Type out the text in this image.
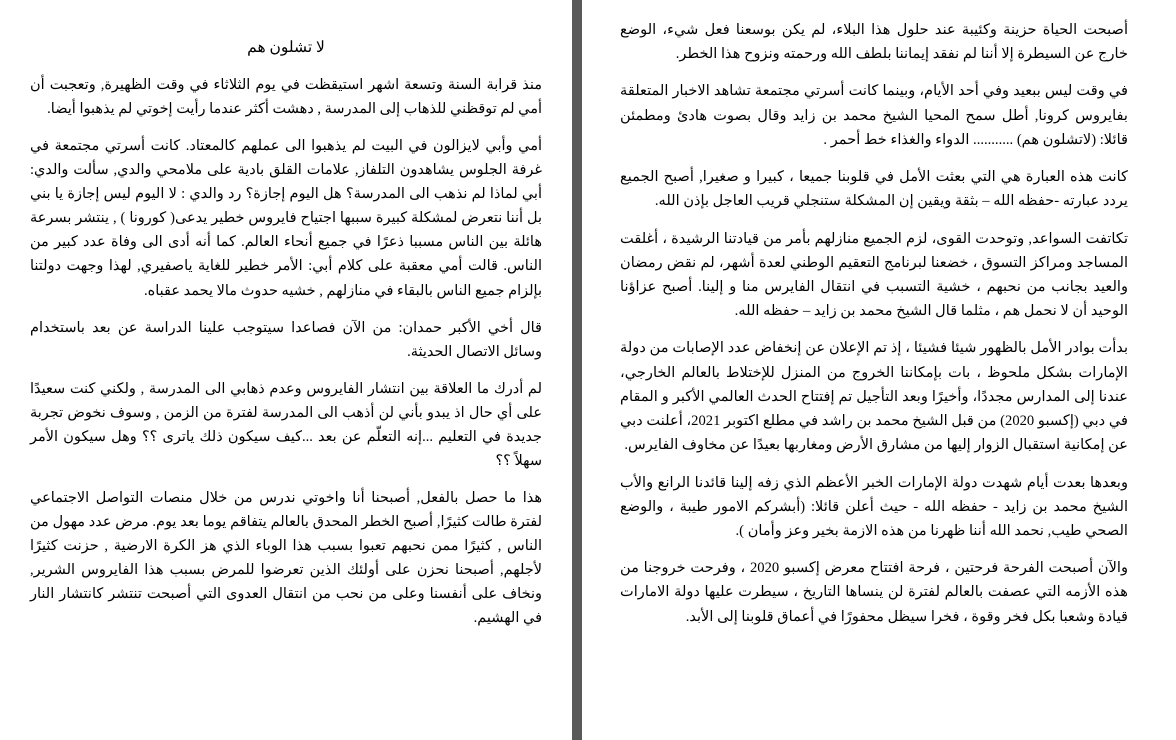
أصبحت الحياة حزينة وكئيبة عند حلول هذا البلاء، لم يكن بوسعنا فعل شيء، الوضع خارج عن السيطرة إلا أننا لم نفقد إيماننا بلطف الله ورحمته ونزوح هذا الخطر.

في وقت ليس ببعيد وفي أحد الأيام، وبينما كانت أسرتي مجتمعة تشاهد الاخبار المتعلقة بفايروس كرونا, أطل سمح المحيا الشيخ محمد بن زايد وقال بصوت هادئ ومطمئن قائلا: (لاتشلون هم) ........... الدواء والغذاء خط أحمر .

كانت هذه العبارة هي التي بعثت الأمل في قلوبنا جميعا ، كبيرا و صغيرا, أصبح الجميع يردد عبارته -حفظه الله – بثقة ويقين إن المشكلة ستنجلي قريب العاجل بإذن الله.

تكاتفت السواعد, وتوحدت القوى، لزم الجميع منازلهم بأمر من قيادتنا الرشيدة ، أغلقت المساجد ومراكز التسوق ، خضعنا لبرنامج التعقيم الوطني لعدة أشهر، لم نقض رمضان والعيد بجانب من نحبهم ، خشية التسبب في انتقال الفايرس منا و إلينا. أصبح عزاؤنا الوحيد أن لا نحمل هم ، مثلما قال الشيخ محمد بن زايد – حفظه الله.

بدأت بوادر الأمل بالظهور شيئا فشيئا ، إذ تم الإعلان عن إنخفاض عدد الإصابات من دولة الإمارات بشكل ملحوظ ، بات بإمكاننا الخروج من المنزل للإختلاط بالعالم الخارجي، عندنا إلى المدارس مجددًا، وأخيرًا وبعد التأجيل تم إفتتاح الحدث العالمي الأكبر و المقام في دبي (إكسبو 2020) من قبل الشيخ محمد بن راشد في مطلع اكتوبر 2021، أعلنت دبي عن إمكانية استقبال الزوار إليها من مشارق الأرض ومغاربها بعيدًا عن مخاوف الفايرس.

وبعدها بعدت أيام شهدت دولة الإمارات الخبر الأعظم الذي زفه إلينا قائدنا الرانع والأب الشيخ محمد بن زايد - حفظه الله - حيث أعلن قائلا: (أبشركم الامور طيبة ، والوضع الصحي طيب, نحمد الله أننا ظهرنا من هذه الازمة بخير وعز وأمان ).

والآن أصبحت الفرحة فرحتين ، فرحة افتتاح معرض إكسبو 2020 ، وفرحت خروجنا من هذه الأزمه التي عصفت بالعالم لفترة لن ينساها التاريخ ، سيطرت عليها دولة الامارات قيادة وشعبا بكل فخر وقوة ، فخرا سيظل محفورًا في أعماق قلوبنا إلى الأبد.

لا تشلون هم

منذ قرابة السنة وتسعة اشهر استيقظت في يوم الثلاثاء في وقت الظهيرة, وتعجبت أن أمي لم توقظني للذهاب إلى المدرسة , دهشت أكثر عندما رأيت إخوتي لم يذهبوا أيضا.

أمي وأبي لايزالون في البيت لم يذهبوا الى عملهم كالمعتاد. كانت أسرتي مجتمعة في غرفة الجلوس يشاهدون التلفاز, علامات القلق بادية على ملامحي والدي, سألت والدي: أبي لماذا لم نذهب الى المدرسة؟ هل اليوم إجازة؟ رد والدي : لا اليوم ليس إجازة يا بني بل أننا نتعرض لمشكلة كبيرة سببها اجتياح فايروس خطير يدعى( كورونا ) , ينتشر بسرعة هائلة بين الناس مسببا ذعرًا في جميع أنحاء العالم. كما أنه أدى الى وفاة عدد كبير من الناس. قالت أمي معقبة على كلام أبي: الأمر خطير للغاية ياصفيري, لهذا وجهت دولتنا بإلزام جميع الناس بالبقاء في منازلهم , خشيه حدوث مالا يحمد عقباه.

قال أخي الأكبر حمدان: من الآن فصاعدا سيتوجب علينا الدراسة عن بعد باستخدام وسائل الاتصال الحديثة.

لم أدرك ما العلاقة بين انتشار الفايروس وعدم ذهابي الى المدرسة , ولكني كنت سعيدًا على أي حال اذ يبدو بأني لن أذهب الى المدرسة لفترة من الزمن , وسوف نخوض تجربة جديدة في التعليم ...إنه التعلّم عن بعد ...كيف سيكون ذلك ياترى ؟؟ وهل سيكون الأمر سهلاً ؟؟

هذا ما حصل بالفعل, أصبحنا أنا واخوتي ندرس من خلال منصات التواصل الاجتماعي لفترة طالت كثيرًا, أصبح الخطر المحدق بالعالم يتفاقم يوما بعد يوم. مرض عدد مهول من الناس , كثيرًا ممن نحبهم تعبوا بسبب هذا الوباء الذي هز الكرة الارضية , حزنت كثيرًا لأجلهم, أصبحنا نحزن على أولئك الذين تعرضوا للمرض بسبب هذا الفايروس الشرير, ونخاف على أنفسنا وعلى من نحب من انتقال العدوى التي أصبحت تنتشر كانتشار النار في الهشيم.
